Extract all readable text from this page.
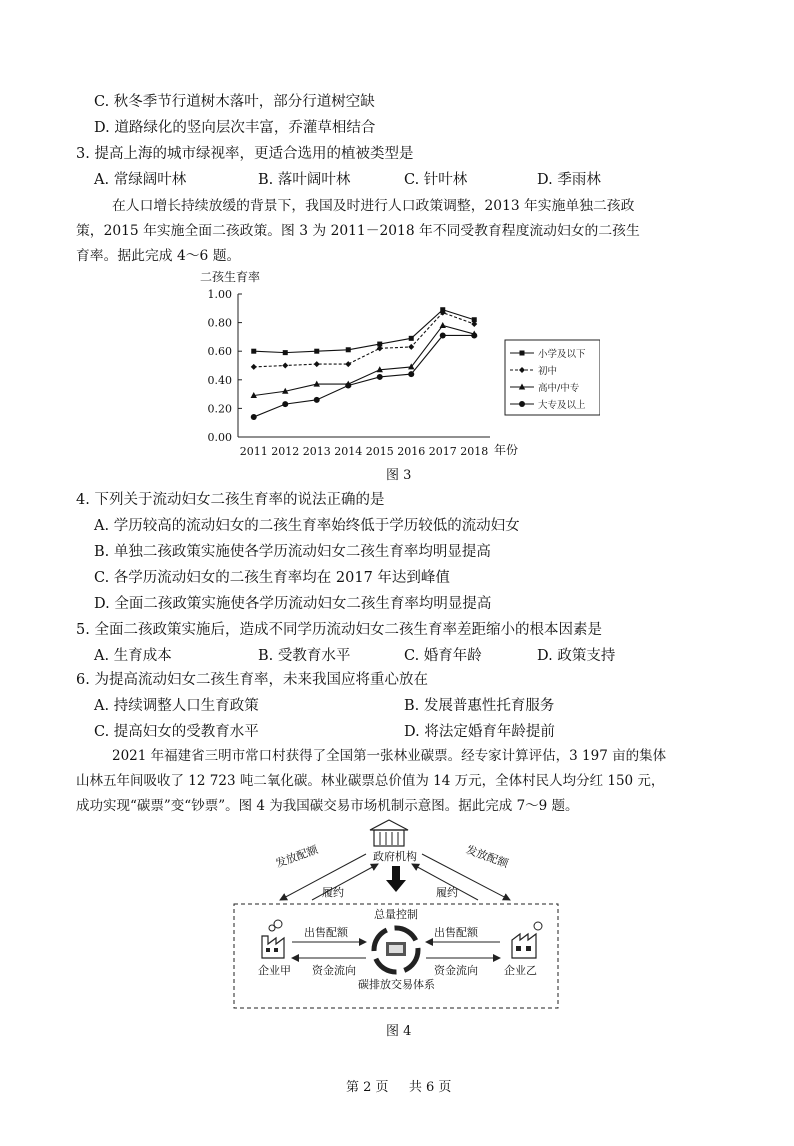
C. 秋冬季节行道树木落叶，部分行道树空缺
D. 道路绿化的竖向层次丰富，乔灌草相结合
3. 提高上海的城市绿视率，更适合选用的植被类型是
A. 常绿阔叶林	B. 落叶阔叶林	C. 针叶林	D. 季雨林
在人口增长持续放缓的背景下，我国及时进行人口政策调整，2013 年实施单独二孩政
策，2015 年实施全面二孩政策。图 3 为 2011－2018 年不同受教育程度流动妇女的二孩生
育率。据此完成 4～6 题。
二孩生育率
0.00
0.20
0.40
0.60
0.80
1.00
2011 2012 2013 2014 2015 2016 2017 2018 年份
小学及以下
初中
高中/中专
大专及以上
图 3
4. 下列关于流动妇女二孩生育率的说法正确的是
A. 学历较高的流动妇女的二孩生育率始终低于学历较低的流动妇女
B. 单独二孩政策实施使各学历流动妇女二孩生育率均明显提高
C. 各学历流动妇女的二孩生育率均在 2017 年达到峰值
D. 全面二孩政策实施使各学历流动妇女二孩生育率均明显提高
5. 全面二孩政策实施后，造成不同学历流动妇女二孩生育率差距缩小的根本因素是
A. 生育成本	B. 受教育水平	C. 婚育年龄	D. 政策支持
6. 为提高流动妇女二孩生育率，未来我国应将重心放在
A. 持续调整人口生育政策	B. 发展普惠性托育服务
C. 提高妇女的受教育水平	D. 将法定婚育年龄提前
2021 年福建省三明市常口村获得了全国第一张林业碳票。经专家计算评估，3 197 亩的集体
山林五年间吸收了 12 723 吨二氧化碳。林业碳票总价值为 14 万元，全体村民人均分红 150 元，
成功实现“碳票”变“钞票”。图 4 为我国碳交易市场机制示意图。据此完成 7～9 题。
政府机构
发放配额	发放配额
履约	履约
总量控制
企业甲	企业乙
出售配额
资金流向
出售配额
资金流向
碳排放交易体系
图 4
第 2 页 共 6 页
